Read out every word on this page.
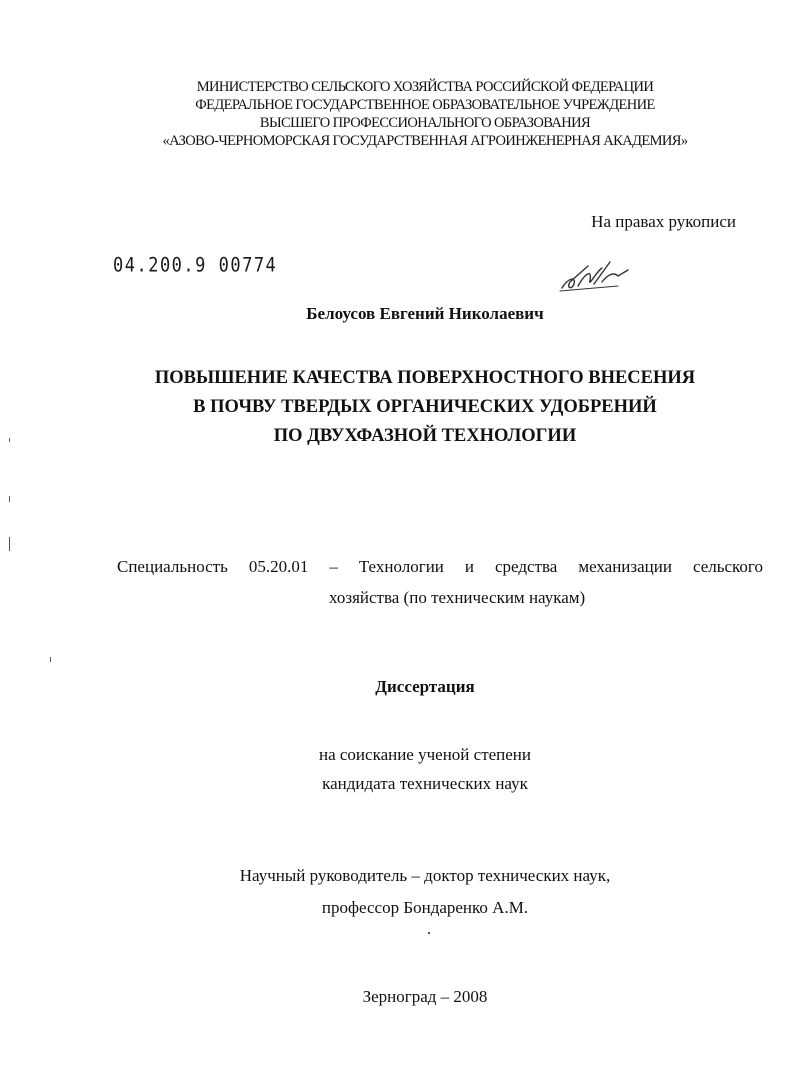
МИНИСТЕРСТВО СЕЛЬСКОГО ХОЗЯЙСТВА РОССИЙСКОЙ ФЕДЕРАЦИИ
ФЕДЕРАЛЬНОЕ ГОСУДАРСТВЕННОЕ ОБРАЗОВАТЕЛЬНОЕ УЧРЕЖДЕНИЕ
ВЫСШЕГО ПРОФЕССИОНАЛЬНОГО ОБРАЗОВАНИЯ
«АЗОВО-ЧЕРНОМОРСКАЯ ГОСУДАРСТВЕННАЯ АГРОИНЖЕНЕРНАЯ АКАДЕМИЯ»
На правах рукописи
04.200.9 00774
Белоусов Евгений Николаевич
ПОВЫШЕНИЕ КАЧЕСТВА ПОВЕРХНОСТНОГО ВНЕСЕНИЯ
В ПОЧВУ ТВЕРДЫХ ОРГАНИЧЕСКИХ УДОБРЕНИЙ
ПО ДВУХФАЗНОЙ ТЕХНОЛОГИИ
Специальность 05.20.01 – Технологии и средства механизации сельского
хозяйства (по техническим наукам)
Диссертация
на соискание ученой степени
кандидата технических наук
Научный руководитель – доктор технических наук,
профессор Бондаренко А.М.
Зерноград – 2008
